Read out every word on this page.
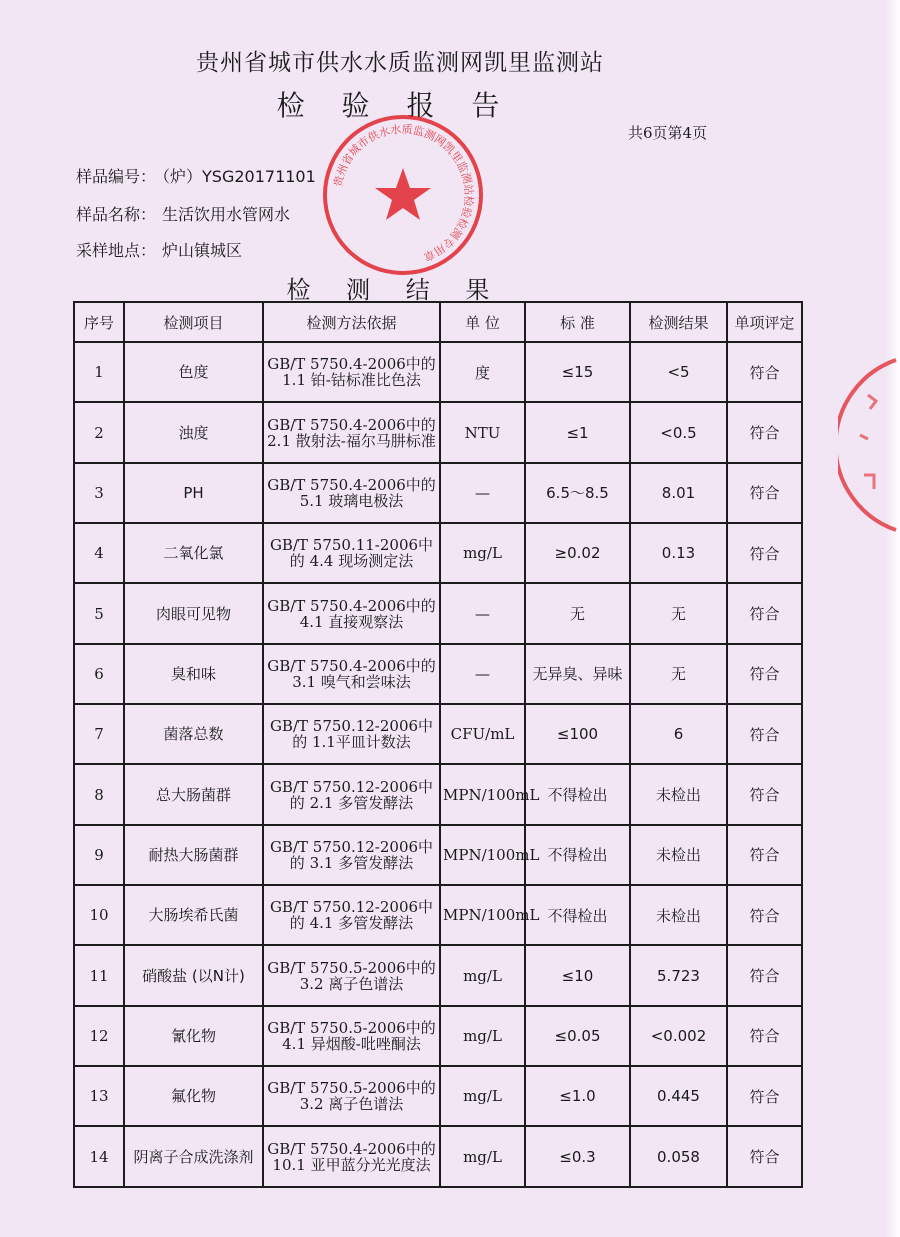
贵州省城市供水水质监测网凯里监测站
检 验 报 告
共6页第4页
样品编号： （炉）YSG20171101
样品名称： 生活饮用水管网水
采样地点： 炉山镇城区
贵州省城市供水水质监测网凯里监测站检验检测专用章
检 测 结 果
序号	检测项目	检测方法依据	单 位	标 准	检测结果	单项评定
1	色度	GB/T 5750.4-2006中的1.1 铂-钴标准比色法	度	≤15	<5	符合
2	浊度	GB/T 5750.4-2006中的2.1 散射法-福尔马肼标准	NTU	≤1	<0.5	符合
3	PH	GB/T 5750.4-2006中的5.1 玻璃电极法	—	6.5～8.5	8.01	符合
4	二氧化氯	GB/T 5750.11-2006中的 4.4 现场测定法	mg/L	≥0.02	0.13	符合
5	肉眼可见物	GB/T 5750.4-2006中的4.1 直接观察法	—	无	无	符合
6	臭和味	GB/T 5750.4-2006中的3.1 嗅气和尝味法	—	无异臭、异味	无	符合
7	菌落总数	GB/T 5750.12-2006中的 1.1平皿计数法	CFU/mL	≤100	6	符合
8	总大肠菌群	GB/T 5750.12-2006中的 2.1 多管发酵法	MPN/100mL	不得检出	未检出	符合
9	耐热大肠菌群	GB/T 5750.12-2006中的 3.1 多管发酵法	MPN/100mL	不得检出	未检出	符合
10	大肠埃希氏菌	GB/T 5750.12-2006中的 4.1 多管发酵法	MPN/100mL	不得检出	未检出	符合
11	硝酸盐 (以N计)	GB/T 5750.5-2006中的3.2 离子色谱法	mg/L	≤10	5.723	符合
12	氰化物	GB/T 5750.5-2006中的4.1 异烟酸-吡唑酮法	mg/L	≤0.05	<0.002	符合
13	氟化物	GB/T 5750.5-2006中的3.2 离子色谱法	mg/L	≤1.0	0.445	符合
14	阴离子合成洗涤剂	GB/T 5750.4-2006中的 10.1 亚甲蓝分光光度法	mg/L	≤0.3	0.058	符合
